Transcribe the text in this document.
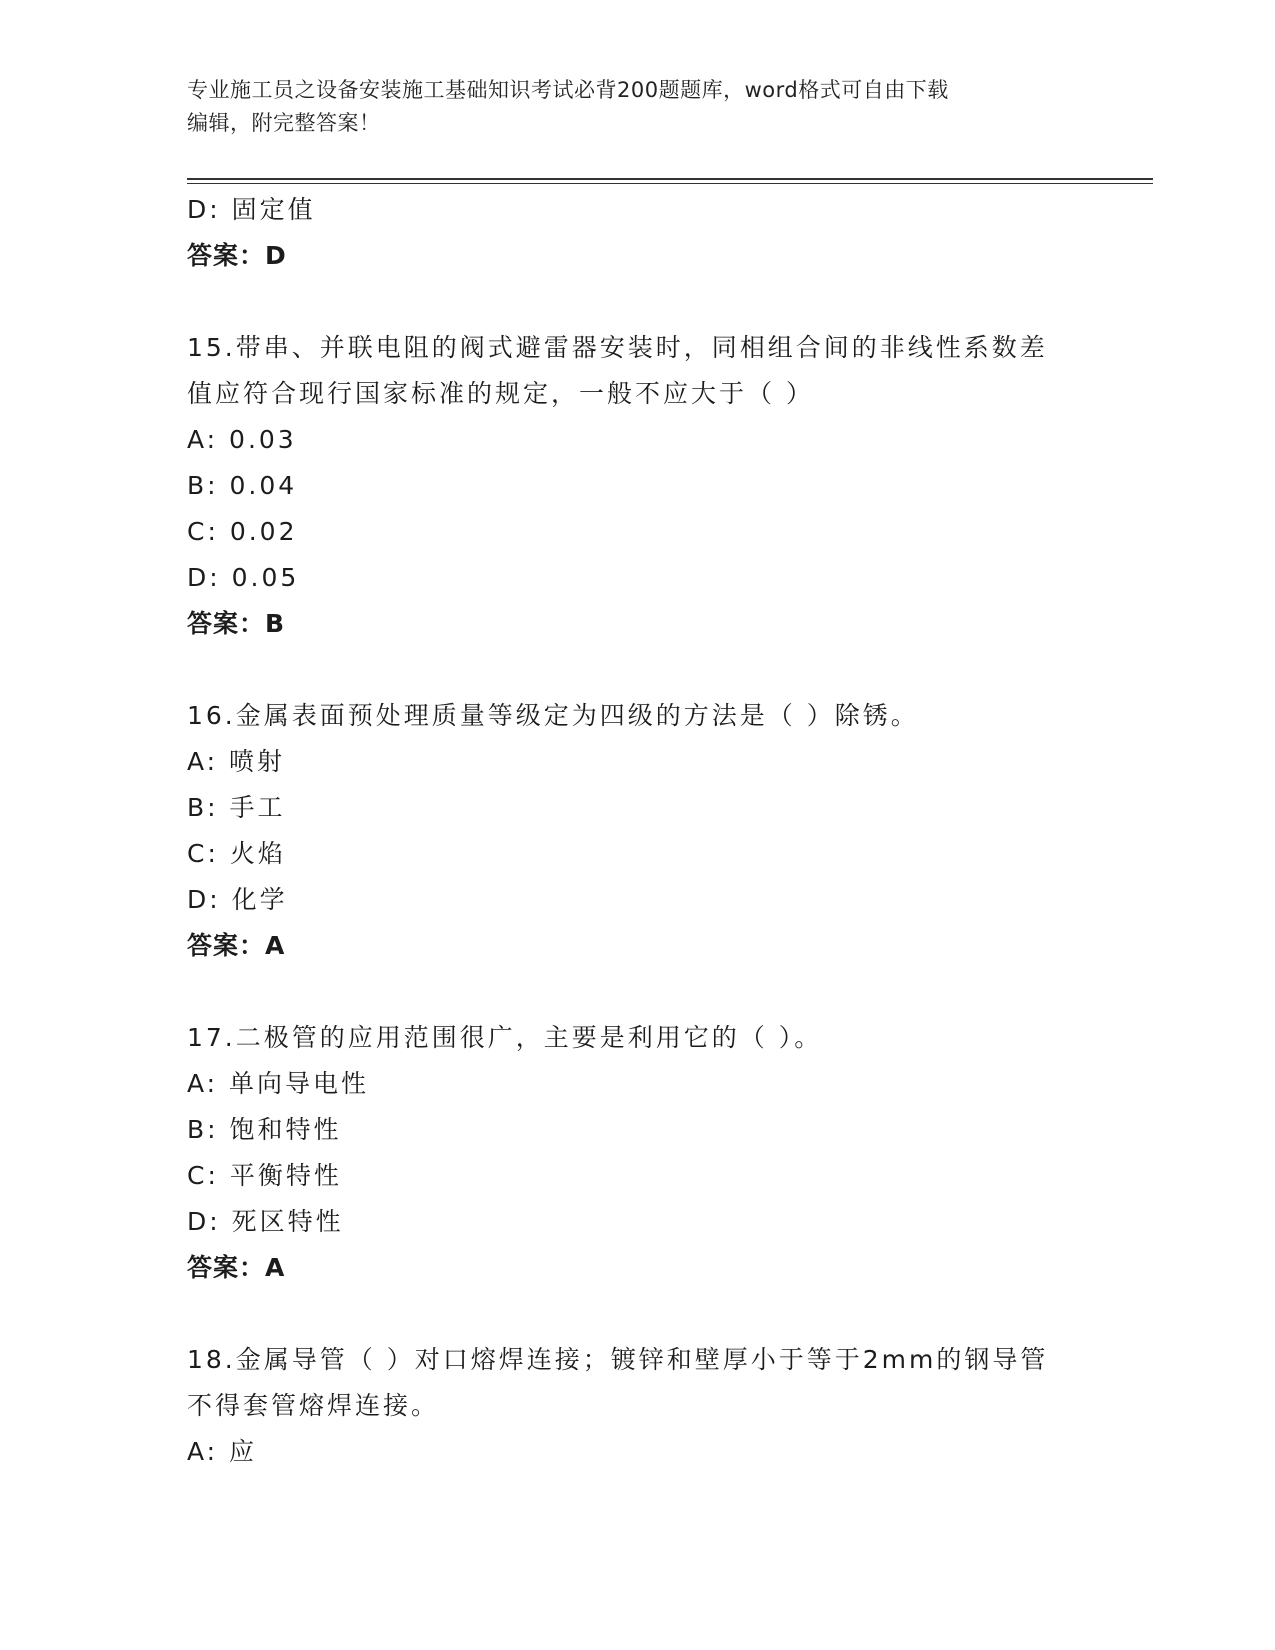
专业施工员之设备安装施工基础知识考试必背200题题库，word格式可自由下载
编辑，附完整答案！
D: 固定值
答案：D
15.带串、并联电阻的阀式避雷器安装时，同相组合间的非线性系数差
值应符合现行国家标准的规定，一般不应大于（ ）
A: 0.03
B: 0.04
C: 0.02
D: 0.05
答案：B
16.金属表面预处理质量等级定为四级的方法是（ ）除锈。
A: 喷射
B: 手工
C: 火焰
D: 化学
答案：A
17.二极管的应用范围很广，主要是利用它的（ ）。
A: 单向导电性
B: 饱和特性
C: 平衡特性
D: 死区特性
答案：A
18.金属导管（ ）对口熔焊连接；镀锌和壁厚小于等于2mm的钢导管
不得套管熔焊连接。
A: 应
